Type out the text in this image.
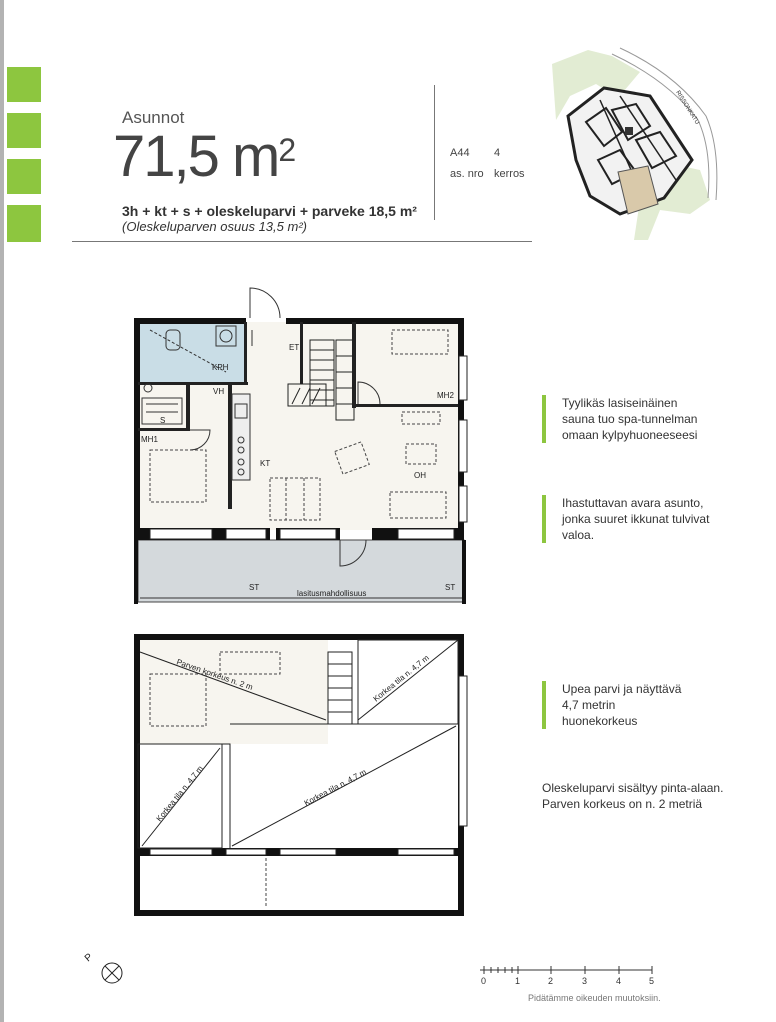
Asunnot
71,5 $m^2$
3h + kt + s + oleskeluparvi + parveke 18,5 m²
(Oleskeluparven osuus 13,5 m²)
A44 4
as. nro kerros
RISSONKATU
KPH
ET
VH
S
MH1
MH2
KT
OH
ST	ST
lasitusmahdollisuus
Parven korkeus n. 2 m	Korkea tila n. 4,7 m
Korkea tila n. 4,7 m	Korkea tila n. 4,7 m
Tyylikäs lasiseinäinen sauna tuo spa-tunnelman omaan kylpyhuoneeseesi
Ihastuttavan avara asunto, jonka suuret ikkunat tulvivat valoa.
Upea parvi ja näyttävä 4,7 metrin huonekorkeus
Oleskeluparvi sisältyy pinta-alaan.
Parven korkeus on n. 2 metriä
P
0	1	2	3	4	5
Pidätämme oikeuden muutoksiin.
